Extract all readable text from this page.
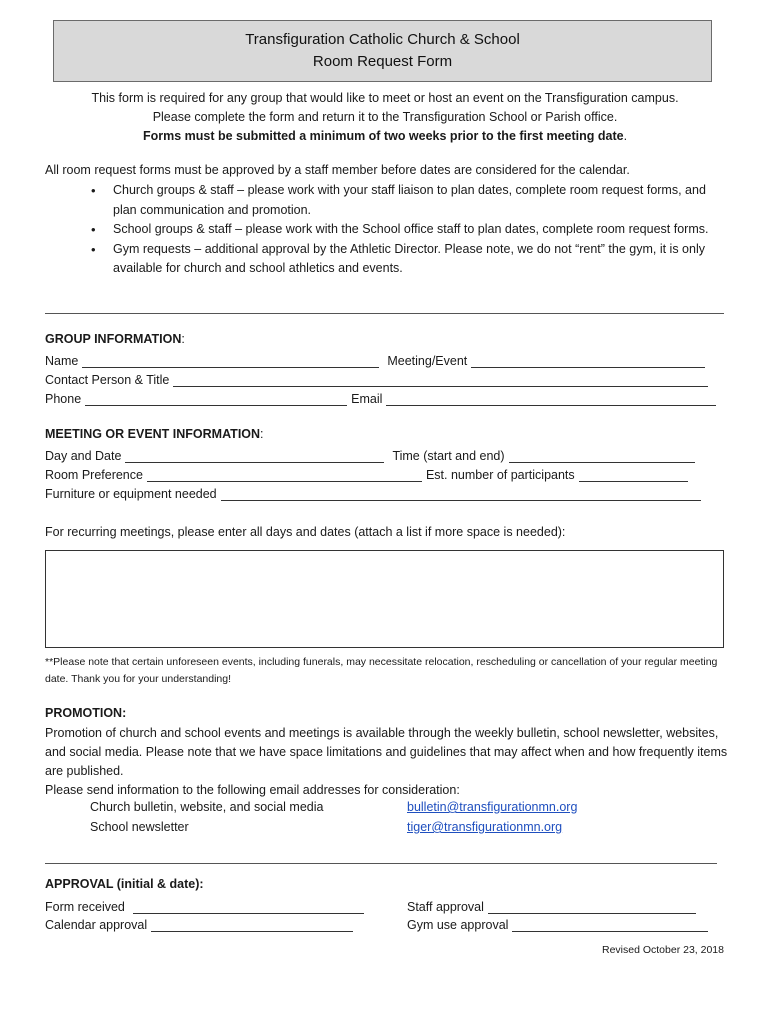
Transfiguration Catholic Church & School
Room Request Form
This form is required for any group that would like to meet or host an event on the Transfiguration campus.
Please complete the form and return it to the Transfiguration School or Parish office.
Forms must be submitted a minimum of two weeks prior to the first meeting date.
All room request forms must be approved by a staff member before dates are considered for the calendar.
• Church groups & staff – please work with your staff liaison to plan dates, complete room request forms, and plan communication and promotion.
• School groups & staff – please work with the School office staff to plan dates, complete room request forms.
• Gym requests – additional approval by the Athletic Director. Please note, we do not “rent” the gym, it is only available for church and school athletics and events.
GROUP INFORMATION:
Name	Meeting/Event
Contact Person & Title
Phone	Email
MEETING OR EVENT INFORMATION:
Day and Date	Time (start and end)
Room Preference	Est. number of participants
Furniture or equipment needed
For recurring meetings, please enter all days and dates (attach a list if more space is needed):
**Please note that certain unforeseen events, including funerals, may necessitate relocation, rescheduling or cancellation of your regular meeting date. Thank you for your understanding!
PROMOTION:
Promotion of church and school events and meetings is available through the weekly bulletin, school newsletter, websites, and social media. Please note that we have space limitations and guidelines that may affect when and how frequently items are published.
Please send information to the following email addresses for consideration:
Church bulletin, website, and social media	bulletin@transfigurationmn.org
School newsletter	tiger@transfigurationmn.org
APPROVAL (initial & date):
Form received	Staff approval
Calendar approval	Gym use approval
Revised October 23, 2018
